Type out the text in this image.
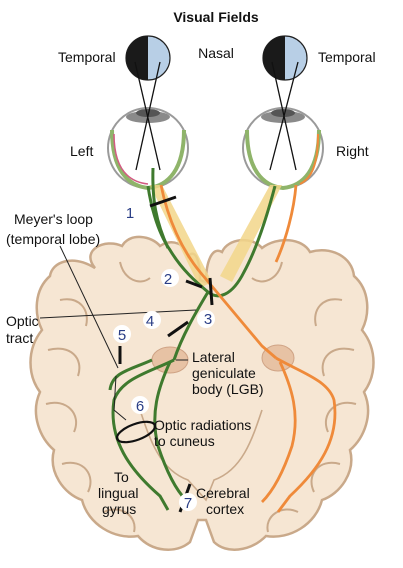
Visual Fields
1
2
3
4
5
6
7
Temporal	Nasal	Temporal
Left	Right
Meyer's loop
(temporal lobe)
Optic
tract
Lateral
geniculate
body (LGB)
Optic radiations
to cuneus
To
lingual
gyrus
Cerebral
cortex
